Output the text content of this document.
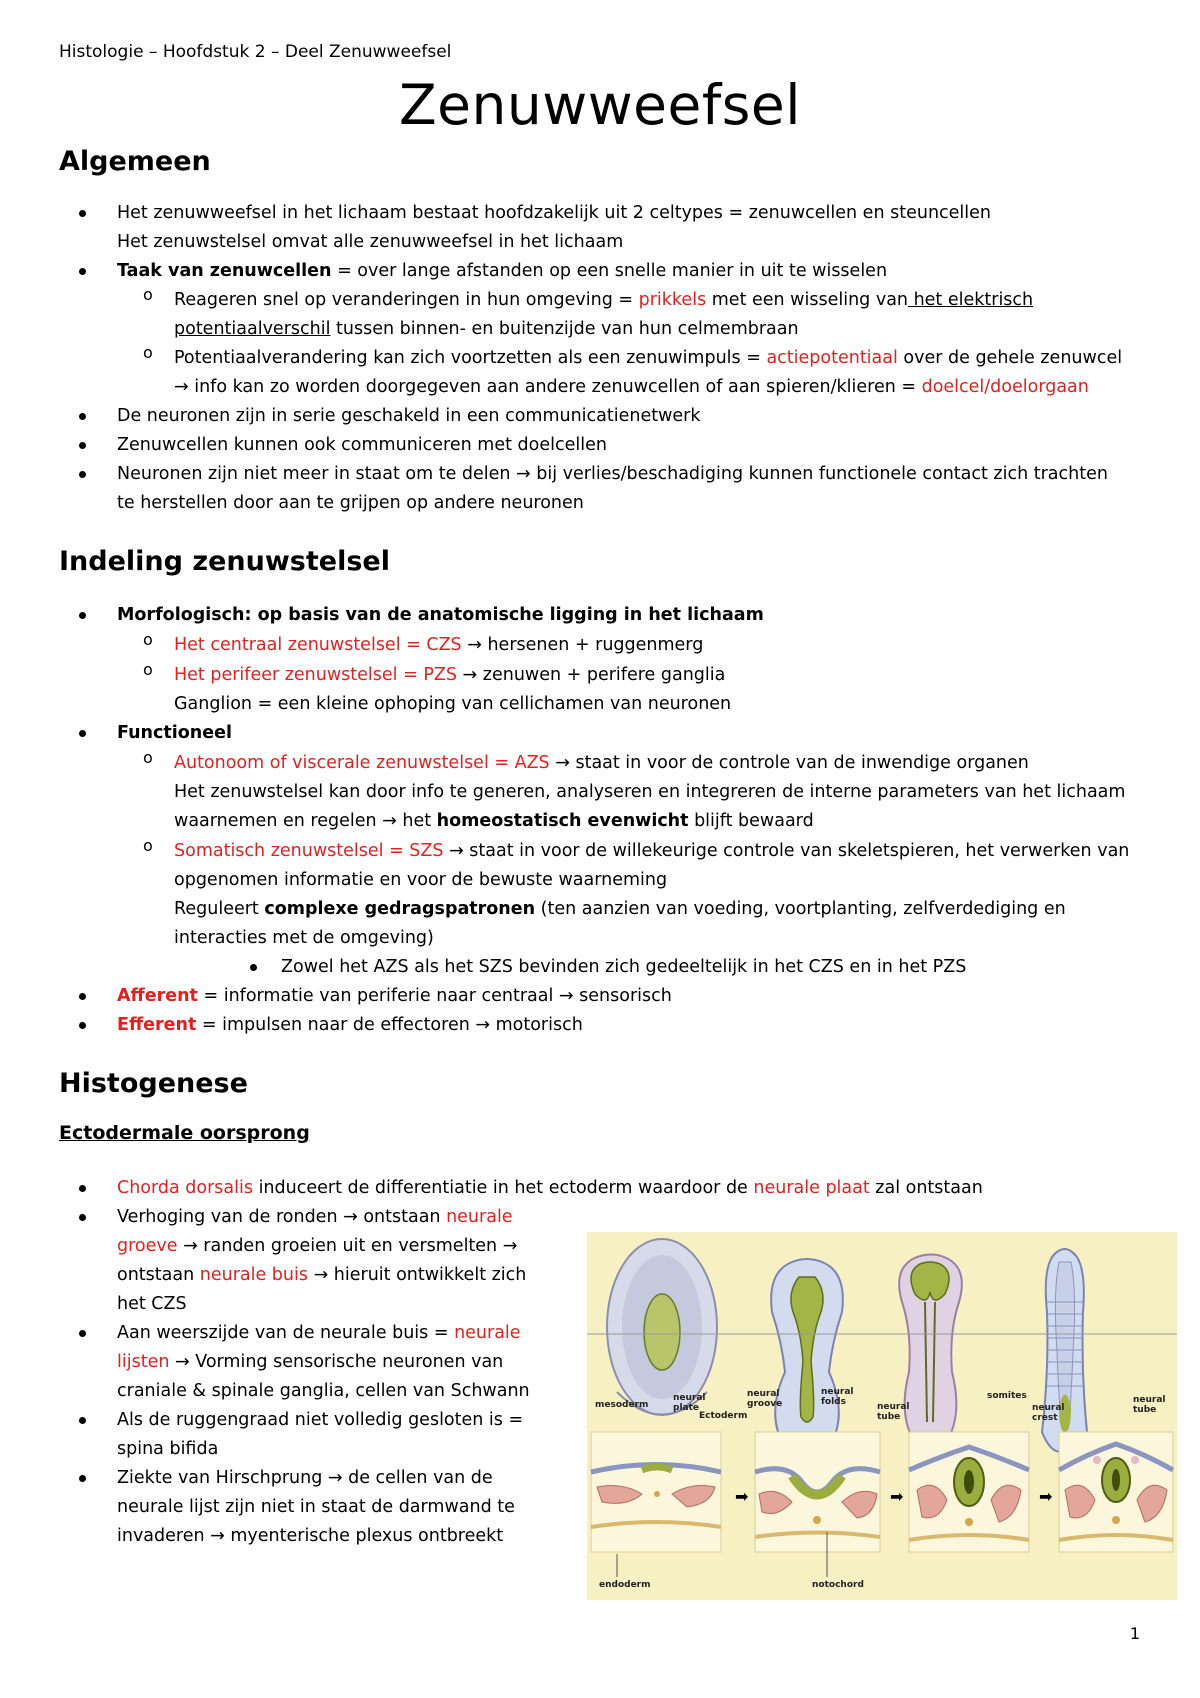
Histologie – Hoofdstuk 2 – Deel Zenuwweefsel
Zenuwweefsel
Algemeen
Het zenuwweefsel in het lichaam bestaat hoofdzakelijk uit 2 celtypes = zenuwcellen en steuncellen
Het zenuwstelsel omvat alle zenuwweefsel in het lichaam
Taak van zenuwcellen = over lange afstanden op een snelle manier in uit te wisselen
o Reageren snel op veranderingen in hun omgeving = prikkels met een wisseling van het elektrisch
potentiaalverschil tussen binnen- en buitenzijde van hun celmembraan
o Potentiaalverandering kan zich voortzetten als een zenuwimpuls = actiepotentiaal over de gehele zenuwcel
→ info kan zo worden doorgegeven aan andere zenuwcellen of aan spieren/klieren = doelcel/doelorgaan
De neuronen zijn in serie geschakeld in een communicatienetwerk
Zenuwcellen kunnen ook communiceren met doelcellen
Neuronen zijn niet meer in staat om te delen → bij verlies/beschadiging kunnen functionele contact zich trachten
te herstellen door aan te grijpen op andere neuronen
Indeling zenuwstelsel
Morfologisch: op basis van de anatomische ligging in het lichaam
o Het centraal zenuwstelsel = CZS → hersenen + ruggenmerg
o Het perifeer zenuwstelsel = PZS → zenuwen + perifere ganglia
Ganglion = een kleine ophoping van cellichamen van neuronen
Functioneel
o Autonoom of viscerale zenuwstelsel = AZS → staat in voor de controle van de inwendige organen
Het zenuwstelsel kan door info te generen, analyseren en integreren de interne parameters van het lichaam
waarnemen en regelen → het homeostatisch evenwicht blijft bewaard
o Somatisch zenuwstelsel = SZS → staat in voor de willekeurige controle van skeletspieren, het verwerken van
opgenomen informatie en voor de bewuste waarneming
Reguleert complexe gedragspatronen (ten aanzien van voeding, voortplanting, zelfverdediging en
interacties met de omgeving)
Zowel het AZS als het SZS bevinden zich gedeeltelijk in het CZS en in het PZS
Afferent = informatie van periferie naar centraal → sensorisch
Efferent = impulsen naar de effectoren → motorisch
Histogenese
Ectodermale oorsprong
Chorda dorsalis induceert de differentiatie in het ectoderm waardoor de neurale plaat zal ontstaan
Verhoging van de ronden → ontstaan neurale
groeve → randen groeien uit en versmelten →
ontstaan neurale buis → hieruit ontwikkelt zich
het CZS
Aan weerszijde van de neurale buis = neurale
lijsten → Vorming sensorische neuronen van
craniale & spinale ganglia, cellen van Schwann
Als de ruggengraad niet volledig gesloten is =
spina bifida
Ziekte van Hirschprung → de cellen van de
neurale lijst zijn niet in staat de darmwand te
invaderen → myenterische plexus ontbreekt
mesoderm
neural
plate
Ectoderm
neural
groove
neural
folds	neural
tube
somites
neural
crest
neural
tube
endoderm	notochord
➡	➡	➡
1
